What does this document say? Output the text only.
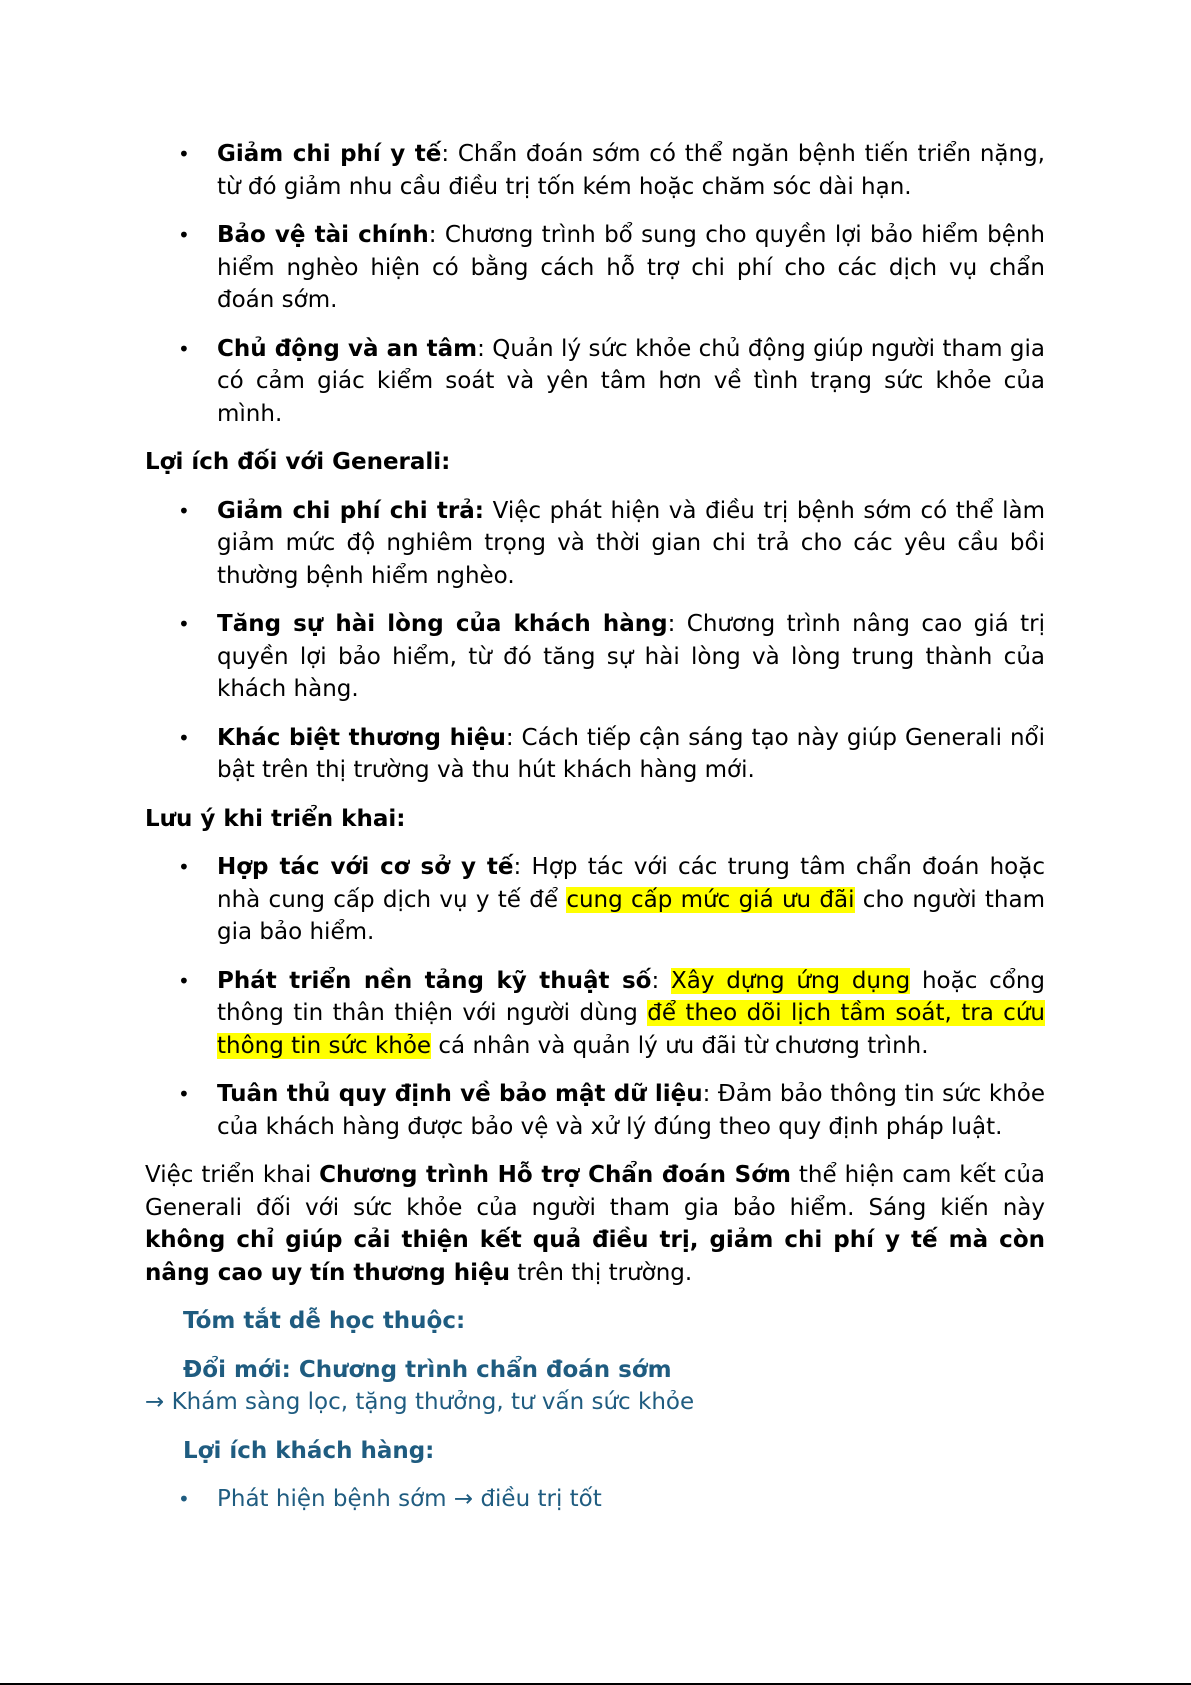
• Giảm chi phí y tế: Chẩn đoán sớm có thể ngăn bệnh tiến triển nặng, từ đó giảm nhu cầu điều trị tốn kém hoặc chăm sóc dài hạn.
• Bảo vệ tài chính: Chương trình bổ sung cho quyền lợi bảo hiểm bệnh hiểm nghèo hiện có bằng cách hỗ trợ chi phí cho các dịch vụ chẩn đoán sớm.
• Chủ động và an tâm: Quản lý sức khỏe chủ động giúp người tham gia có cảm giác kiểm soát và yên tâm hơn về tình trạng sức khỏe của mình.

Lợi ích đối với Generali:

• Giảm chi phí chi trả: Việc phát hiện và điều trị bệnh sớm có thể làm giảm mức độ nghiêm trọng và thời gian chi trả cho các yêu cầu bồi thường bệnh hiểm nghèo.
• Tăng sự hài lòng của khách hàng: Chương trình nâng cao giá trị quyền lợi bảo hiểm, từ đó tăng sự hài lòng và lòng trung thành của khách hàng.
• Khác biệt thương hiệu: Cách tiếp cận sáng tạo này giúp Generali nổi bật trên thị trường và thu hút khách hàng mới.

Lưu ý khi triển khai:

• Hợp tác với cơ sở y tế: Hợp tác với các trung tâm chẩn đoán hoặc nhà cung cấp dịch vụ y tế để cung cấp mức giá ưu đãi cho người tham gia bảo hiểm.
• Phát triển nền tảng kỹ thuật số: Xây dựng ứng dụng hoặc cổng thông tin thân thiện với người dùng để theo dõi lịch tầm soát, tra cứu thông tin sức khỏe cá nhân và quản lý ưu đãi từ chương trình.
• Tuân thủ quy định về bảo mật dữ liệu: Đảm bảo thông tin sức khỏe của khách hàng được bảo vệ và xử lý đúng theo quy định pháp luật.

Việc triển khai Chương trình Hỗ trợ Chẩn đoán Sớm thể hiện cam kết của Generali đối với sức khỏe của người tham gia bảo hiểm. Sáng kiến này không chỉ giúp cải thiện kết quả điều trị, giảm chi phí y tế mà còn nâng cao uy tín thương hiệu trên thị trường.

Tóm tắt dễ học thuộc:

Đổi mới: Chương trình chẩn đoán sớm

→ Khám sàng lọc, tặng thưởng, tư vấn sức khỏe

Lợi ích khách hàng:

• Phát hiện bệnh sớm → điều trị tốt
